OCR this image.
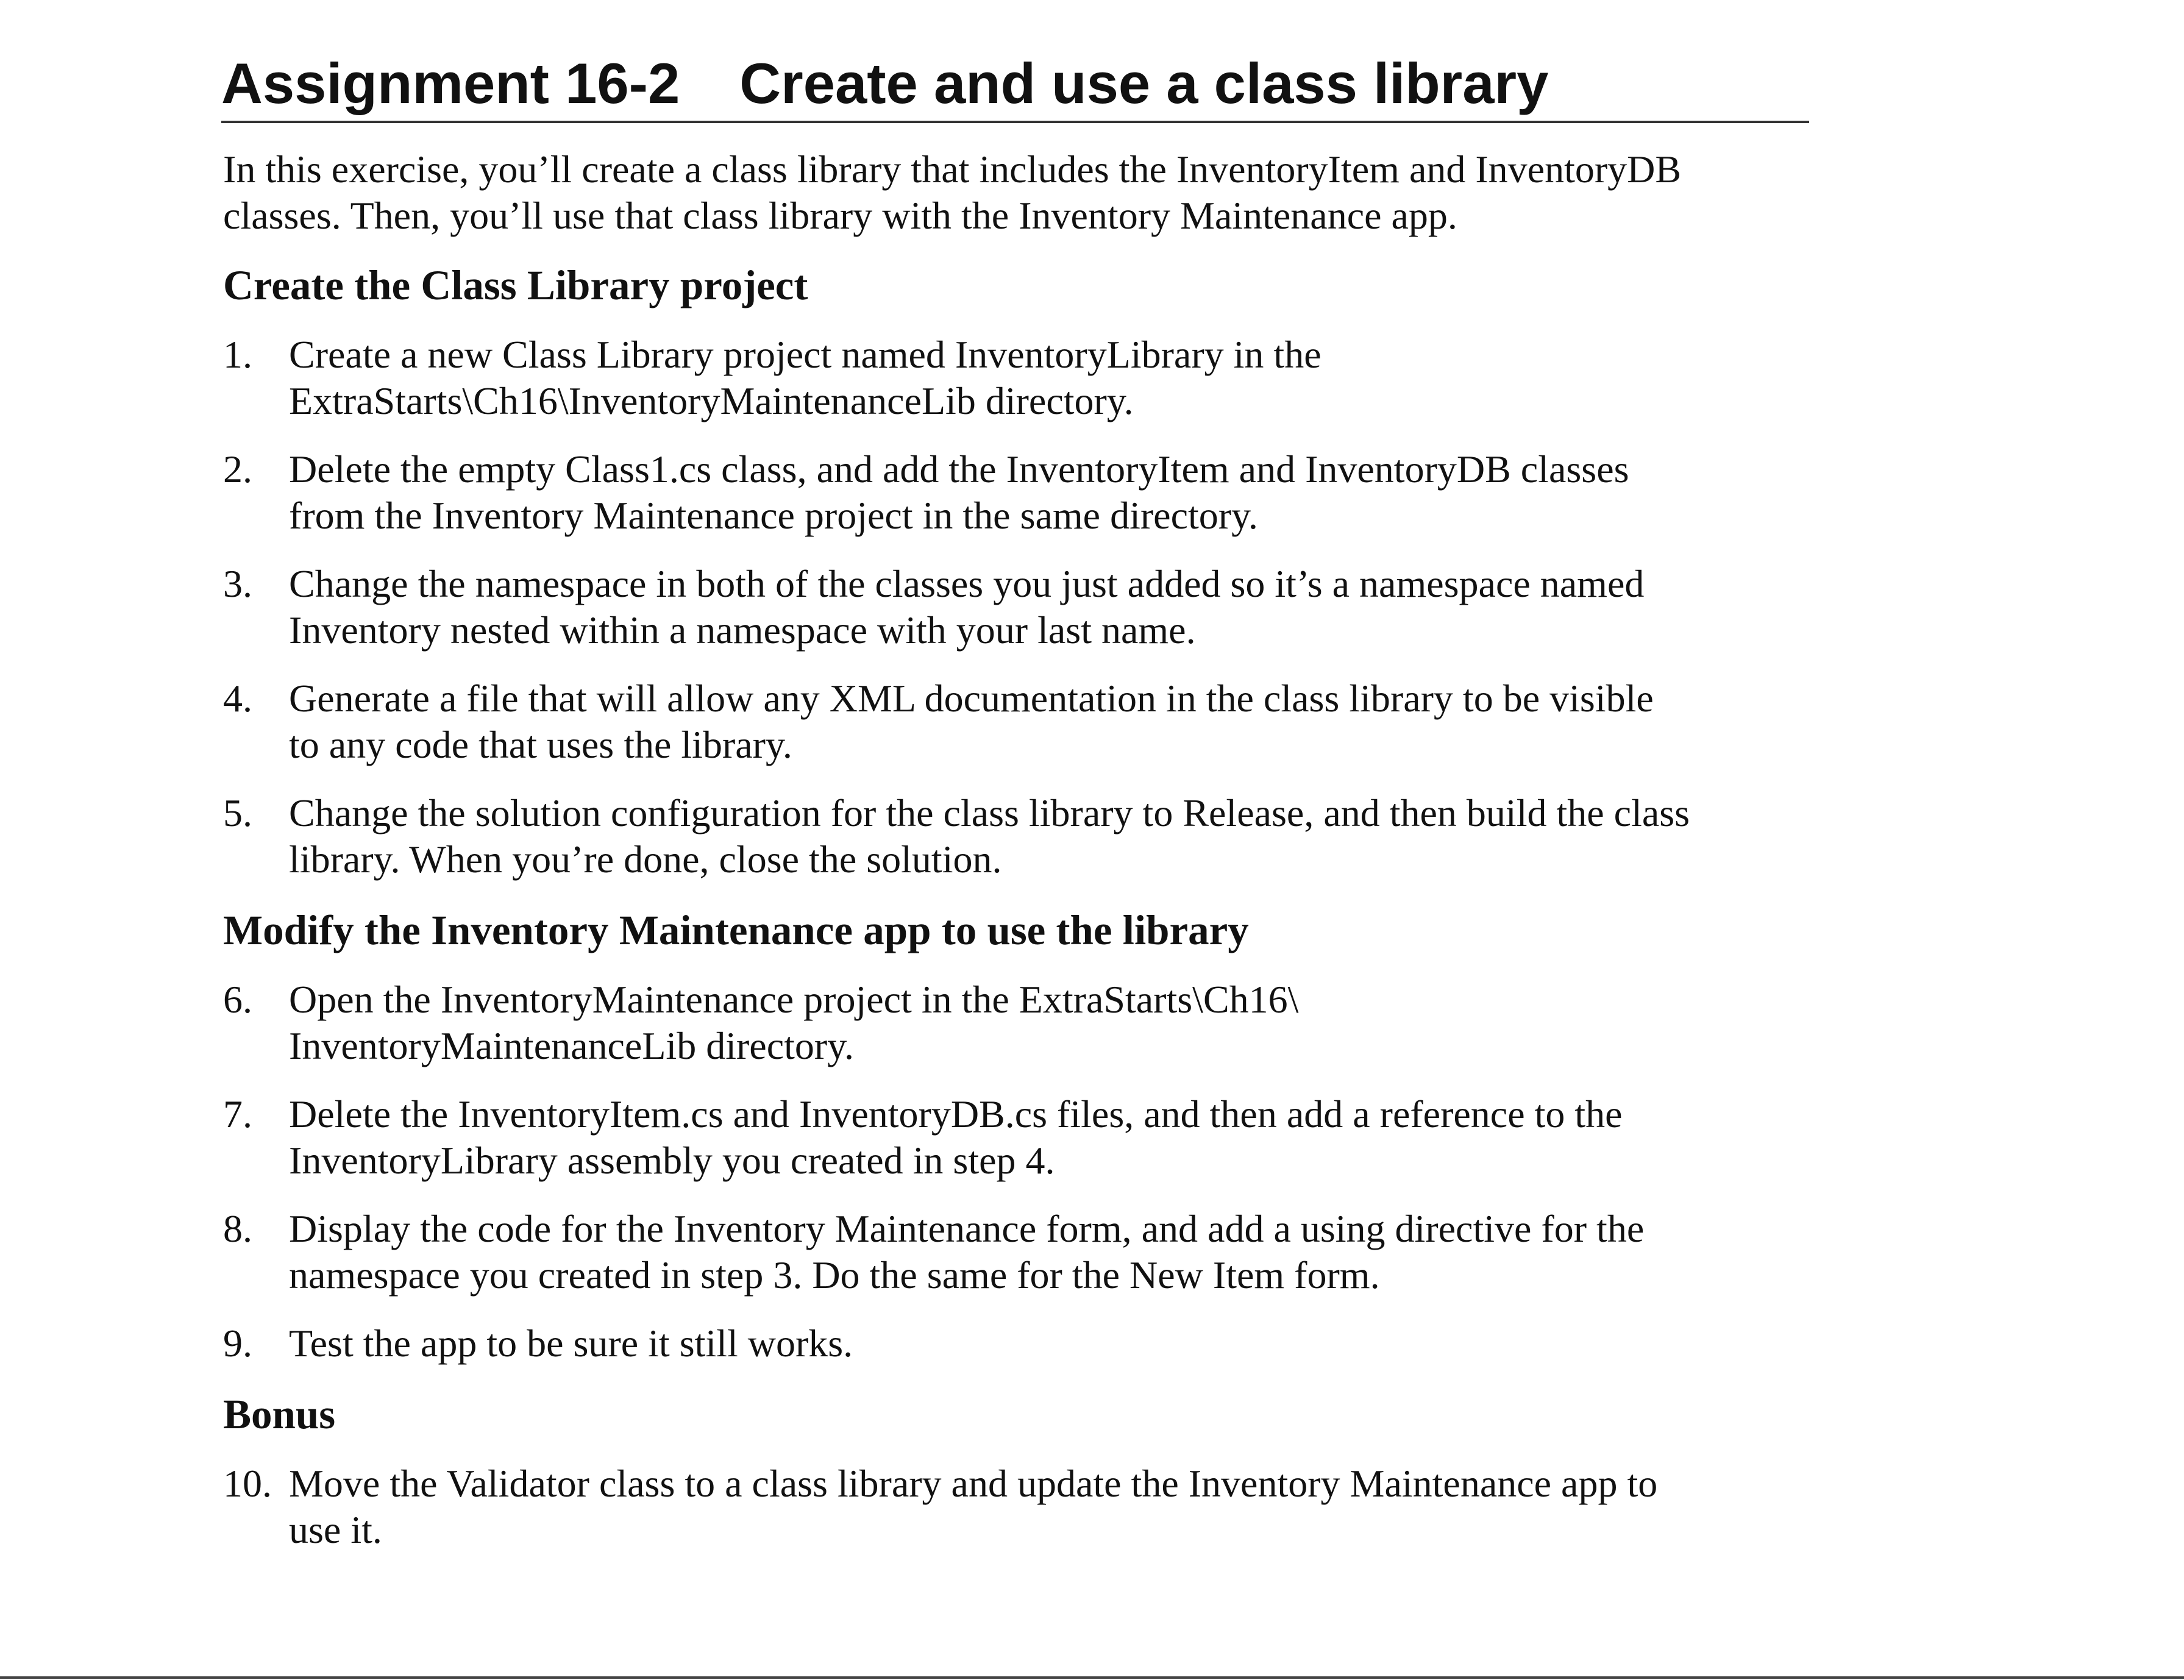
Assignment 16-2 Create and use a class library
In this exercise, you’ll create a class library that includes the InventoryItem and InventoryDB
classes. Then, you’ll use that class library with the Inventory Maintenance app.
Create the Class Library project
1. Create a new Class Library project named InventoryLibrary in the
ExtraStarts\Ch16\InventoryMaintenanceLib directory.
2. Delete the empty Class1.cs class, and add the InventoryItem and InventoryDB classes
from the Inventory Maintenance project in the same directory.
3. Change the namespace in both of the classes you just added so it’s a namespace named
Inventory nested within a namespace with your last name.
4. Generate a file that will allow any XML documentation in the class library to be visible
to any code that uses the library.
5. Change the solution configuration for the class library to Release, and then build the class
library. When you’re done, close the solution.
Modify the Inventory Maintenance app to use the library
6. Open the InventoryMaintenance project in the ExtraStarts\Ch16\
InventoryMaintenanceLib directory.
7. Delete the InventoryItem.cs and InventoryDB.cs files, and then add a reference to the
InventoryLibrary assembly you created in step 4.
8. Display the code for the Inventory Maintenance form, and add a using directive for the
namespace you created in step 3. Do the same for the New Item form.
9. Test the app to be sure it still works.
Bonus
10. Move the Validator class to a class library and update the Inventory Maintenance app to
use it.
